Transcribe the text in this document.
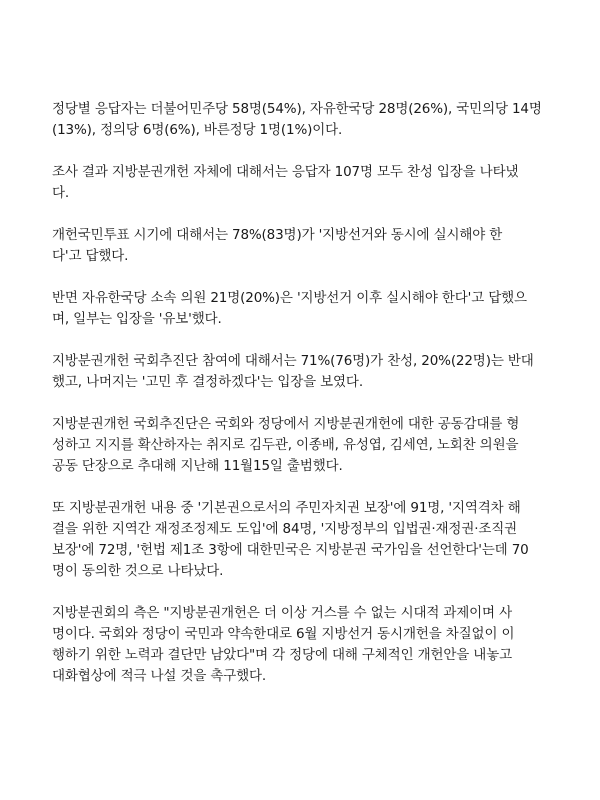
정당별 응답자는 더불어민주당 58명(54%), 자유한국당 28명(26%), 국민의당 14명
(13%), 정의당 6명(6%), 바른정당 1명(1%)이다.

조사 결과 지방분권개헌 자체에 대해서는 응답자 107명 모두 찬성 입장을 나타냈
다.

개헌국민투표 시기에 대해서는 78%(83명)가 '지방선거와 동시에 실시해야 한
다'고 답했다.

반면 자유한국당 소속 의원 21명(20%)은 '지방선거 이후 실시해야 한다'고 답했으
며, 일부는 입장을 '유보'했다.

지방분권개헌 국회추진단 참여에 대해서는 71%(76명)가 찬성, 20%(22명)는 반대
했고, 나머지는 '고민 후 결정하겠다'는 입장을 보였다.

지방분권개헌 국회추진단은 국회와 정당에서 지방분권개헌에 대한 공동감대를 형
성하고 지지를 확산하자는 취지로 김두관, 이종배, 유성엽, 김세연, 노회찬 의원을
공동 단장으로 추대해 지난해 11월15일 출범했다.

또 지방분권개헌 내용 중 '기본권으로서의 주민자치권 보장'에 91명, '지역격차 해
결을 위한 지역간 재정조정제도 도입'에 84명, '지방정부의 입법권·재정권·조직권
보장'에 72명, '헌법 제1조 3항에 대한민국은 지방분권 국가임을 선언한다'는데 70
명이 동의한 것으로 나타났다.

지방분권회의 측은 "지방분권개헌은 더 이상 거스를 수 없는 시대적 과제이며 사
명이다. 국회와 정당이 국민과 약속한대로 6월 지방선거 동시개헌을 차질없이 이
행하기 위한 노력과 결단만 남았다"며 각 정당에 대해 구체적인 개헌안을 내놓고
대화협상에 적극 나설 것을 촉구했다.
